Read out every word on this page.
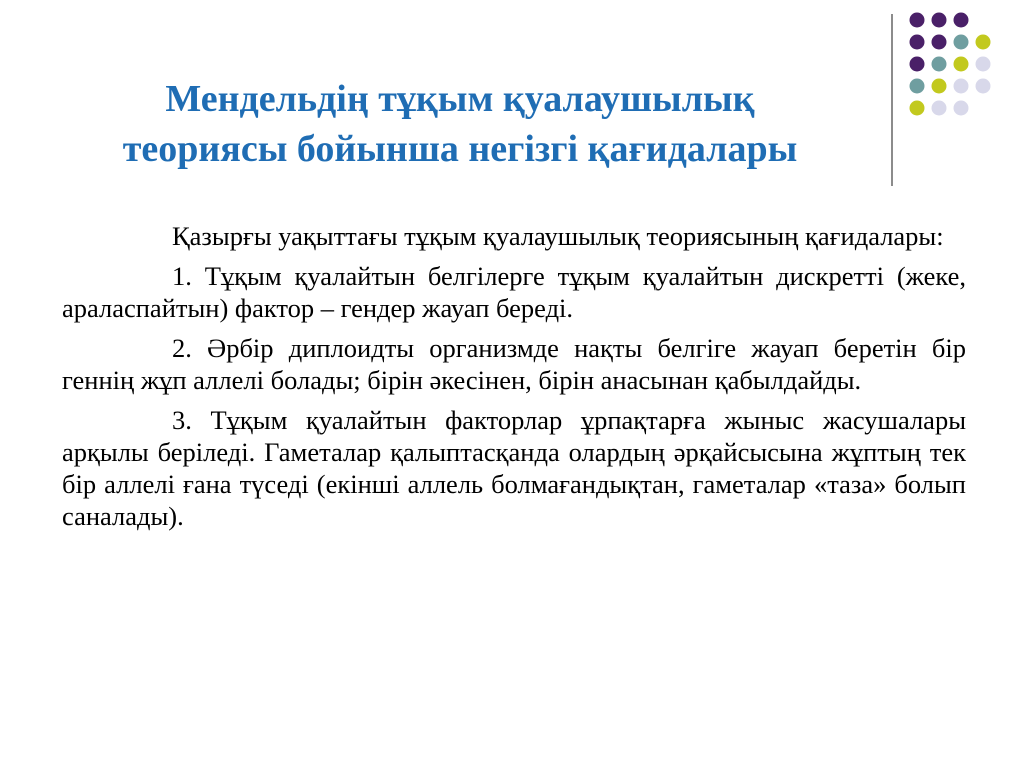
Мендельдің тұқым қуалаушылық
теориясы бойынша негізгі қағидалары

Қазырғы уақыттағы тұқым қуалаушылық теориясының қағидалары:

1. Тұқым қуалайтын белгілерге тұқым қуалайтын дискретті (жеке, араласпайтын) фактор – гендер жауап береді.

2. Әрбір диплоидты организмде нақты белгіге жауап беретін бір геннің жұп аллелі болады; бірін әкесінен, бірін анасынан қабылдайды.

3. Тұқым қуалайтын факторлар ұрпақтарға жыныс жасушалары арқылы беріледі. Гаметалар қалыптасқанда олардың әрқайсысына жұптың тек бір аллелі ғана түседі (екінші аллель болмағандықтан, гаметалар «таза» болып саналады).
